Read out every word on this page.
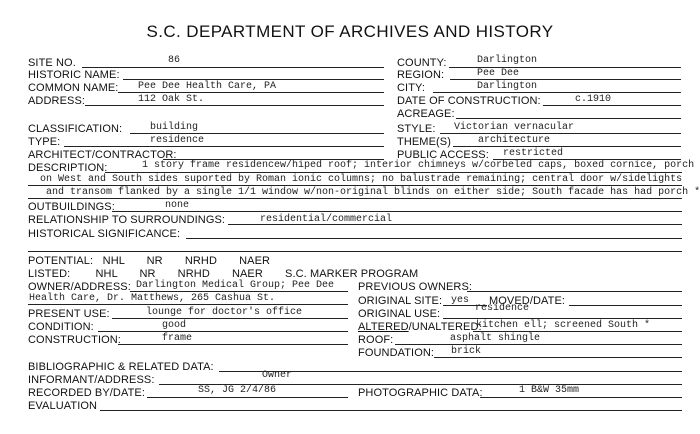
S.C. DEPARTMENT OF ARCHIVES AND HISTORY
SITE NO.	86	COUNTY:	Darlington
HISTORIC NAME:	REGION:	Pee Dee
COMMON NAME: Pee Dee Health Care, PA	CITY:	Darlington
ADDRESS:	112 Oak St.	DATE OF CONSTRUCTION:	c.1910
ACREAGE:
CLASSIFICATION:	building	STYLE: Victorian vernacular
TYPE:	residence	THEME(S)	architecture
ARCHITECT/CONTRACTOR:	PUBLIC ACCESS: restricted
DESCRIPTION:	1 story frame residencew/hiped roof; interior chimneys w/corbeled caps, boxed cornice, porch
on West and South sides suported by Roman ionic columns; no balustrade remaining; central door w/sidelights
and transom flanked by a single 1/1 window w/non-original blinds on either side; South facade has had porch *
OUTBUILDINGS:	none
RELATIONSHIP TO SURROUNDINGS:	residential/commercial
HISTORICAL SIGNIFICANCE:
POTENTIAL:   NHL       NR       NRHD       NAER
LISTED:        NHL       NR       NRHD       NAER       S.C. MARKER PROGRAM
OWNER/ADDRESS: Darlington Medical Group; Pee Dee
Health Care, Dr. Matthews, 265 Cashua St.
PREVIOUS OWNERS:
ORIGINAL SITE: yes MOVED/DATE:
PRESENT USE:	lounge for doctor's office	ORIGINAL USE:	residence
CONDITION:	good	ALTERED/UNALTERED:
kitchen ell; screened South *
CONSTRUCTION:	frame	ROOF:	asphalt shingle
FOUNDATION: brick
BIBLIOGRAPHIC & RELATED DATA:
INFORMANT/ADDRESS:	Owner
RECORDED BY/DATE:	SS, JG 2/4/86	PHOTOGRAPHIC DATA:	1 B&W 35mm
EVALUATION
